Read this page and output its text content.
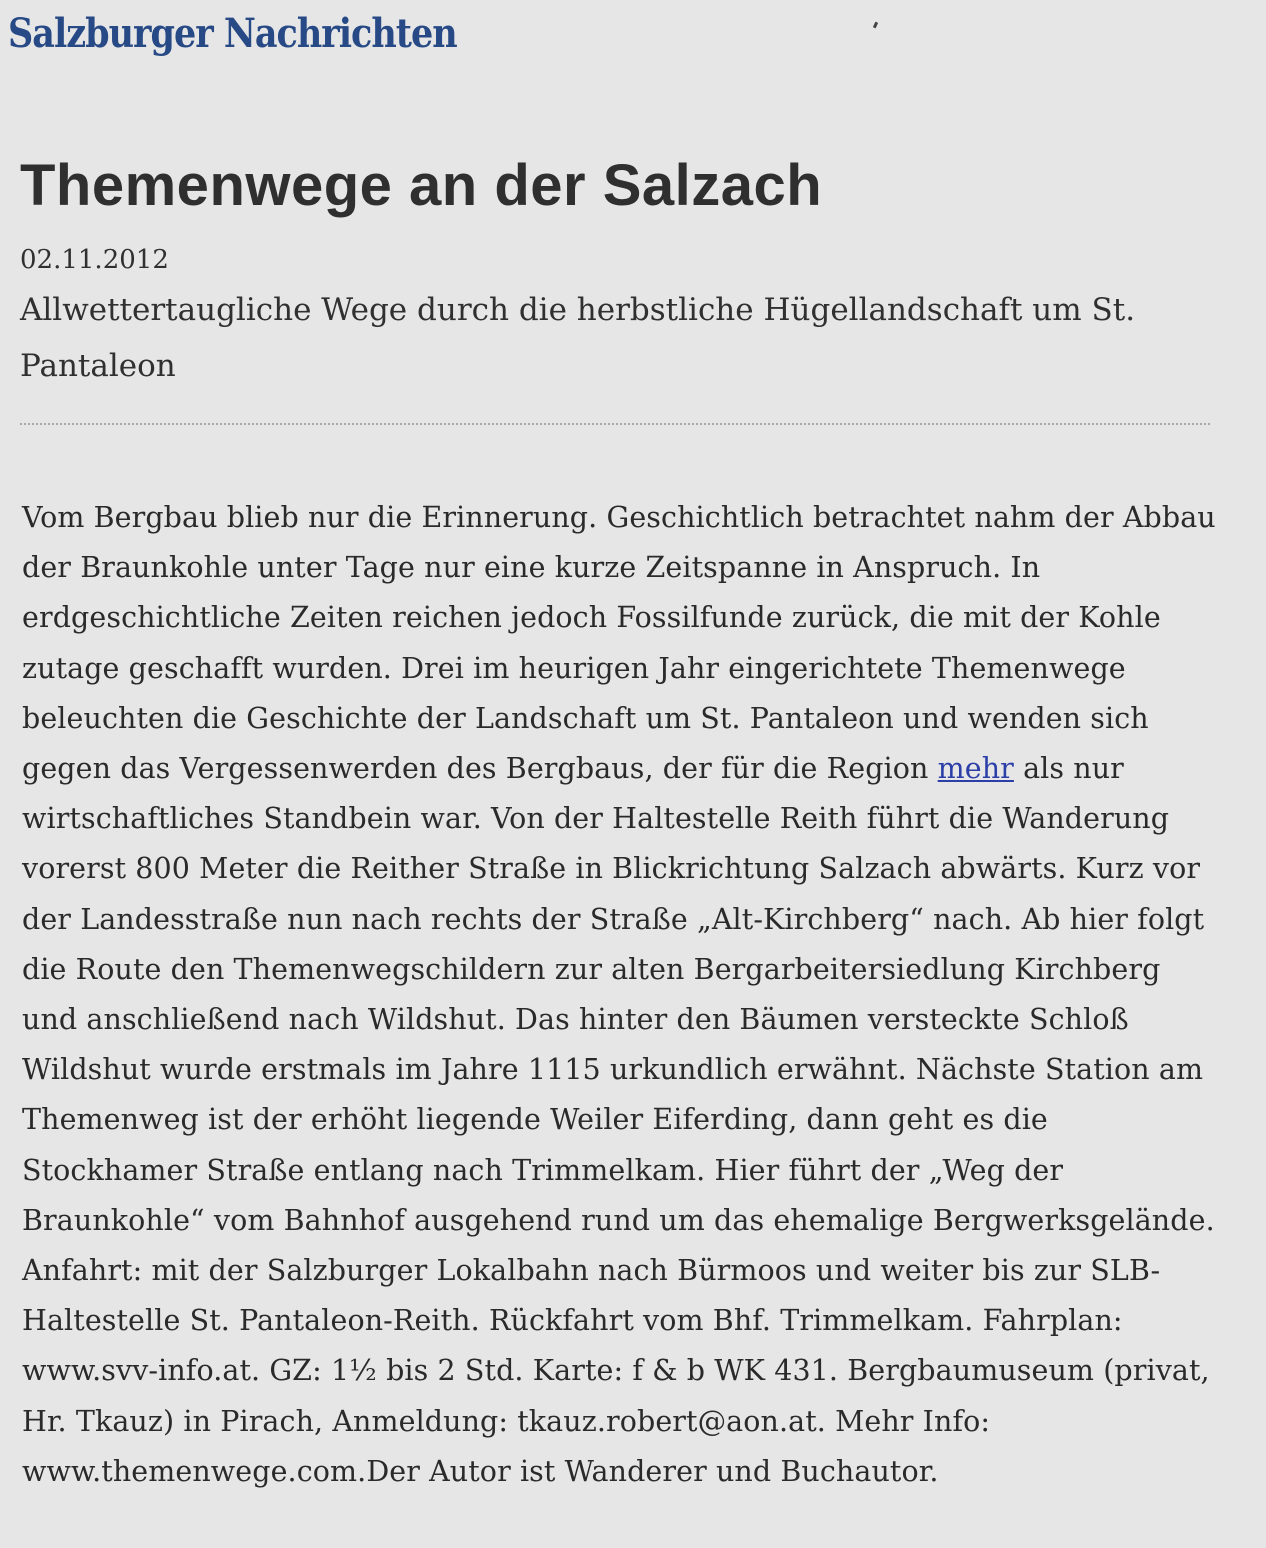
Salzburger Nachrichten
Themenwege an der Salzach
02.11.2012

Allwettertaugliche Wege durch die herbstliche Hügellandschaft um St. Pantaleon

Vom Bergbau blieb nur die Erinnerung. Geschichtlich betrachtet nahm der Abbau der Braunkohle unter Tage nur eine kurze Zeitspanne in Anspruch. In erdgeschichtliche Zeiten reichen jedoch Fossilfunde zurück, die mit der Kohle zutage geschafft wurden. Drei im heurigen Jahr eingerichtete Themenwege beleuchten die Geschichte der Landschaft um St. Pantaleon und wenden sich gegen das Vergessenwerden des Bergbaus, der für die Region mehr als nur wirtschaftliches Standbein war. Von der Haltestelle Reith führt die Wanderung vorerst 800 Meter die Reither Straße in Blickrichtung Salzach abwärts. Kurz vor der Landesstraße nun nach rechts der Straße „Alt-Kirchberg“ nach. Ab hier folgt die Route den Themenwegschildern zur alten Bergarbeitersiedlung Kirchberg und anschließend nach Wildshut. Das hinter den Bäumen versteckte Schloß Wildshut wurde erstmals im Jahre 1115 urkundlich erwähnt. Nächste Station am Themenweg ist der erhöht liegende Weiler Eiferding, dann geht es die Stockhamer Straße entlang nach Trimmelkam. Hier führt der „Weg der Braunkohle“ vom Bahnhof ausgehend rund um das ehemalige Bergwerksgelände. Anfahrt: mit der Salzburger Lokalbahn nach Bürmoos und weiter bis zur SLB-Haltestelle St. Pantaleon-Reith. Rückfahrt vom Bhf. Trimmelkam. Fahrplan: www.svv-info.at. GZ: 1½ bis 2 Std. Karte: f & b WK 431. Bergbaumuseum (privat, Hr. Tkauz) in Pirach, Anmeldung: tkauz.robert@aon.at. Mehr Info: www.themenwege.com.Der Autor ist Wanderer und Buchautor.
